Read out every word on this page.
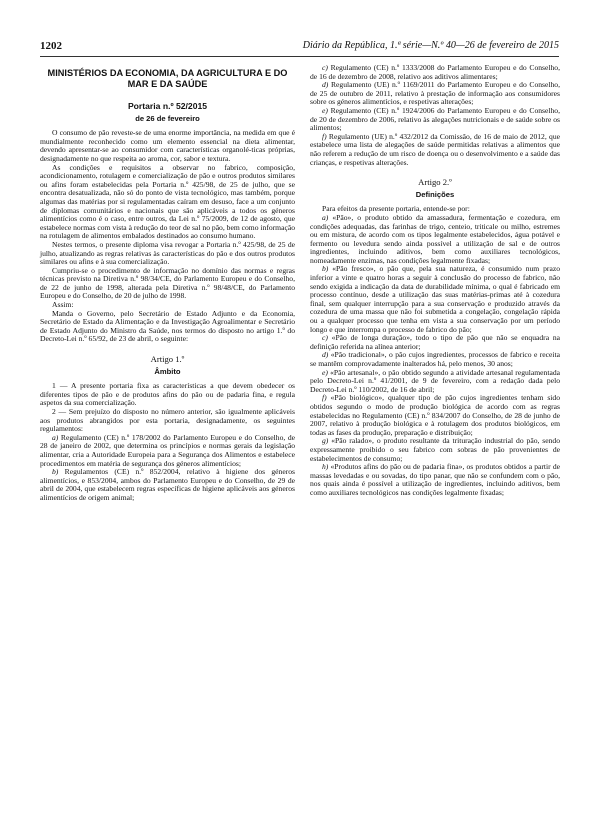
1202	Diário da República, 1.ª série—N.º 40—26 de fevereiro de 2015

MINISTÉRIOS DA ECONOMIA, DA AGRICULTURA E DO MAR E DA SAÚDE

Portaria n.º 52/2015

de 26 de fevereiro

O consumo de pão reveste-se de uma enorme importância, na medida em que é mundialmente reconhecido como um elemento essencial na dieta alimentar, devendo apresentar-se ao consumidor com características organolé-ticas próprias, designadamente no que respeita ao aroma, cor, sabor e textura.

As condições e requisitos a observar no fabrico, composição, acondicionamento, rotulagem e comercialização de pão e outros produtos similares ou afins foram estabelecidas pela Portaria n.º 425/98, de 25 de julho, que se encontra desatualizada, não só do ponto de vista tecnológico, mas também, porque algumas das matérias por si regulamentadas caíram em desuso, face a um conjunto de diplomas comunitários e nacionais que são aplicáveis a todos os géneros alimentícios como é o caso, entre outros, da Lei n.º 75/2009, de 12 de agosto, que estabelece normas com vista à redução do teor de sal no pão, bem como informação na rotulagem de alimentos embalados destinados ao consumo humano.

Nestes termos, o presente diploma visa revogar a Portaria n.º 425/98, de 25 de julho, atualizando as regras relativas às características do pão e dos outros produtos similares ou afins e à sua comercialização.

Cumpriu-se o procedimento de informação no domínio das normas e regras técnicas previsto na Diretiva n.º 98/34/CE, do Parlamento Europeu e do Conselho, de 22 de junho de 1998, alterada pela Diretiva n.º 98/48/CE, do Parlamento Europeu e do Conselho, de 20 de julho de 1998.

Assim:

Manda o Governo, pelo Secretário de Estado Adjunto e da Economia, Secretário de Estado da Alimentação e da Investigação Agroalimentar e Secretário de Estado Adjunto do Ministro da Saúde, nos termos do disposto no artigo 1.º do Decreto-Lei n.º 65/92, de 23 de abril, o seguinte:

Artigo 1.º

Âmbito

1 — A presente portaria fixa as características a que devem obedecer os diferentes tipos de pão e de produtos afins do pão ou de padaria fina, e regula aspetos da sua comercialização.

2 — Sem prejuízo do disposto no número anterior, são igualmente aplicáveis aos produtos abrangidos por esta portaria, designadamente, os seguintes regulamentos:

a) Regulamento (CE) n.º 178/2002 do Parlamento Europeu e do Conselho, de 28 de janeiro de 2002, que determina os princípios e normas gerais da legislação alimentar, cria a Autoridade Europeia para a Segurança dos Alimentos e estabelece procedimentos em matéria de segurança dos géneros alimentícios;

b) Regulamentos (CE) n.º 852/2004, relativo à higiene dos géneros alimentícios, e 853/2004, ambos do Parlamento Europeu e do Conselho, de 29 de abril de 2004, que estabelecem regras específicas de higiene aplicáveis aos géneros alimentícios de origem animal;

c) Regulamento (CE) n.º 1333/2008 do Parlamento Europeu e do Conselho, de 16 de dezembro de 2008, relativo aos aditivos alimentares;

d) Regulamento (UE) n.º 1169/2011 do Parlamento Europeu e do Conselho, de 25 de outubro de 2011, relativo à prestação de informação aos consumidores sobre os géneros alimentícios, e respetivas alterações;

e) Regulamento (CE) n.º 1924/2006 do Parlamento Europeu e do Conselho, de 20 de dezembro de 2006, relativo às alegações nutricionais e de saúde sobre os alimentos;

f) Regulamento (UE) n.º 432/2012 da Comissão, de 16 de maio de 2012, que estabelece uma lista de alegações de saúde permitidas relativas a alimentos que não referem a redução de um risco de doença ou o desenvolvimento e a saúde das crianças, e respetivas alterações.

Artigo 2.º

Definições

Para efeitos da presente portaria, entende-se por:

a) «Pão», o produto obtido da amassadura, fermentação e cozedura, em condições adequadas, das farinhas de trigo, centeio, triticale ou milho, estremes ou em mistura, de acordo com os tipos legalmente estabelecidos, água potável e fermento ou levedura sendo ainda possível a utilização de sal e de outros ingredientes, incluindo aditivos, bem como auxiliares tecnológicos, nomeadamente enzimas, nas condições legalmente fixadas;

b) «Pão fresco», o pão que, pela sua natureza, é consumido num prazo inferior a vinte e quatro horas a seguir à conclusão do processo de fabrico, não sendo exigida a indicação da data de durabilidade mínima, o qual é fabricado em processo contínuo, desde a utilização das suas matérias-primas até à cozedura final, sem qualquer interrupção para a sua conservação e produzido através da cozedura de uma massa que não foi submetida a congelação, congelação rápida ou a qualquer processo que tenha em vista a sua conservação por um período longo e que interrompa o processo de fabrico do pão;

c) «Pão de longa duração», todo o tipo de pão que não se enquadra na definição referida na alínea anterior;

d) «Pão tradicional», o pão cujos ingredientes, processos de fabrico e receita se mantêm comprovadamente inalterados há, pelo menos, 30 anos;

e) «Pão artesanal», o pão obtido segundo a atividade artesanal regulamentada pelo Decreto-Lei n.º 41/2001, de 9 de fevereiro, com a redação dada pelo Decreto-Lei n.º 110/2002, de 16 de abril;

f) «Pão biológico», qualquer tipo de pão cujos ingredientes tenham sido obtidos segundo o modo de produção biológica de acordo com as regras estabelecidas no Regulamento (CE) n.º 834/2007 do Conselho, de 28 de junho de 2007, relativo à produção biológica e à rotulagem dos produtos biológicos, em todas as fases da produção, preparação e distribuição;

g) «Pão ralado», o produto resultante da trituração industrial do pão, sendo expressamente proibido o seu fabrico com sobras de pão provenientes de estabelecimentos de consumo;

h) «Produtos afins do pão ou de padaria fina», os produtos obtidos a partir de massas levedadas e ou sovadas, do tipo panar, que não se confundem com o pão, nos quais ainda é possível a utilização de ingredientes, incluindo aditivos, bem como auxiliares tecnológicos nas condições legalmente fixadas;
